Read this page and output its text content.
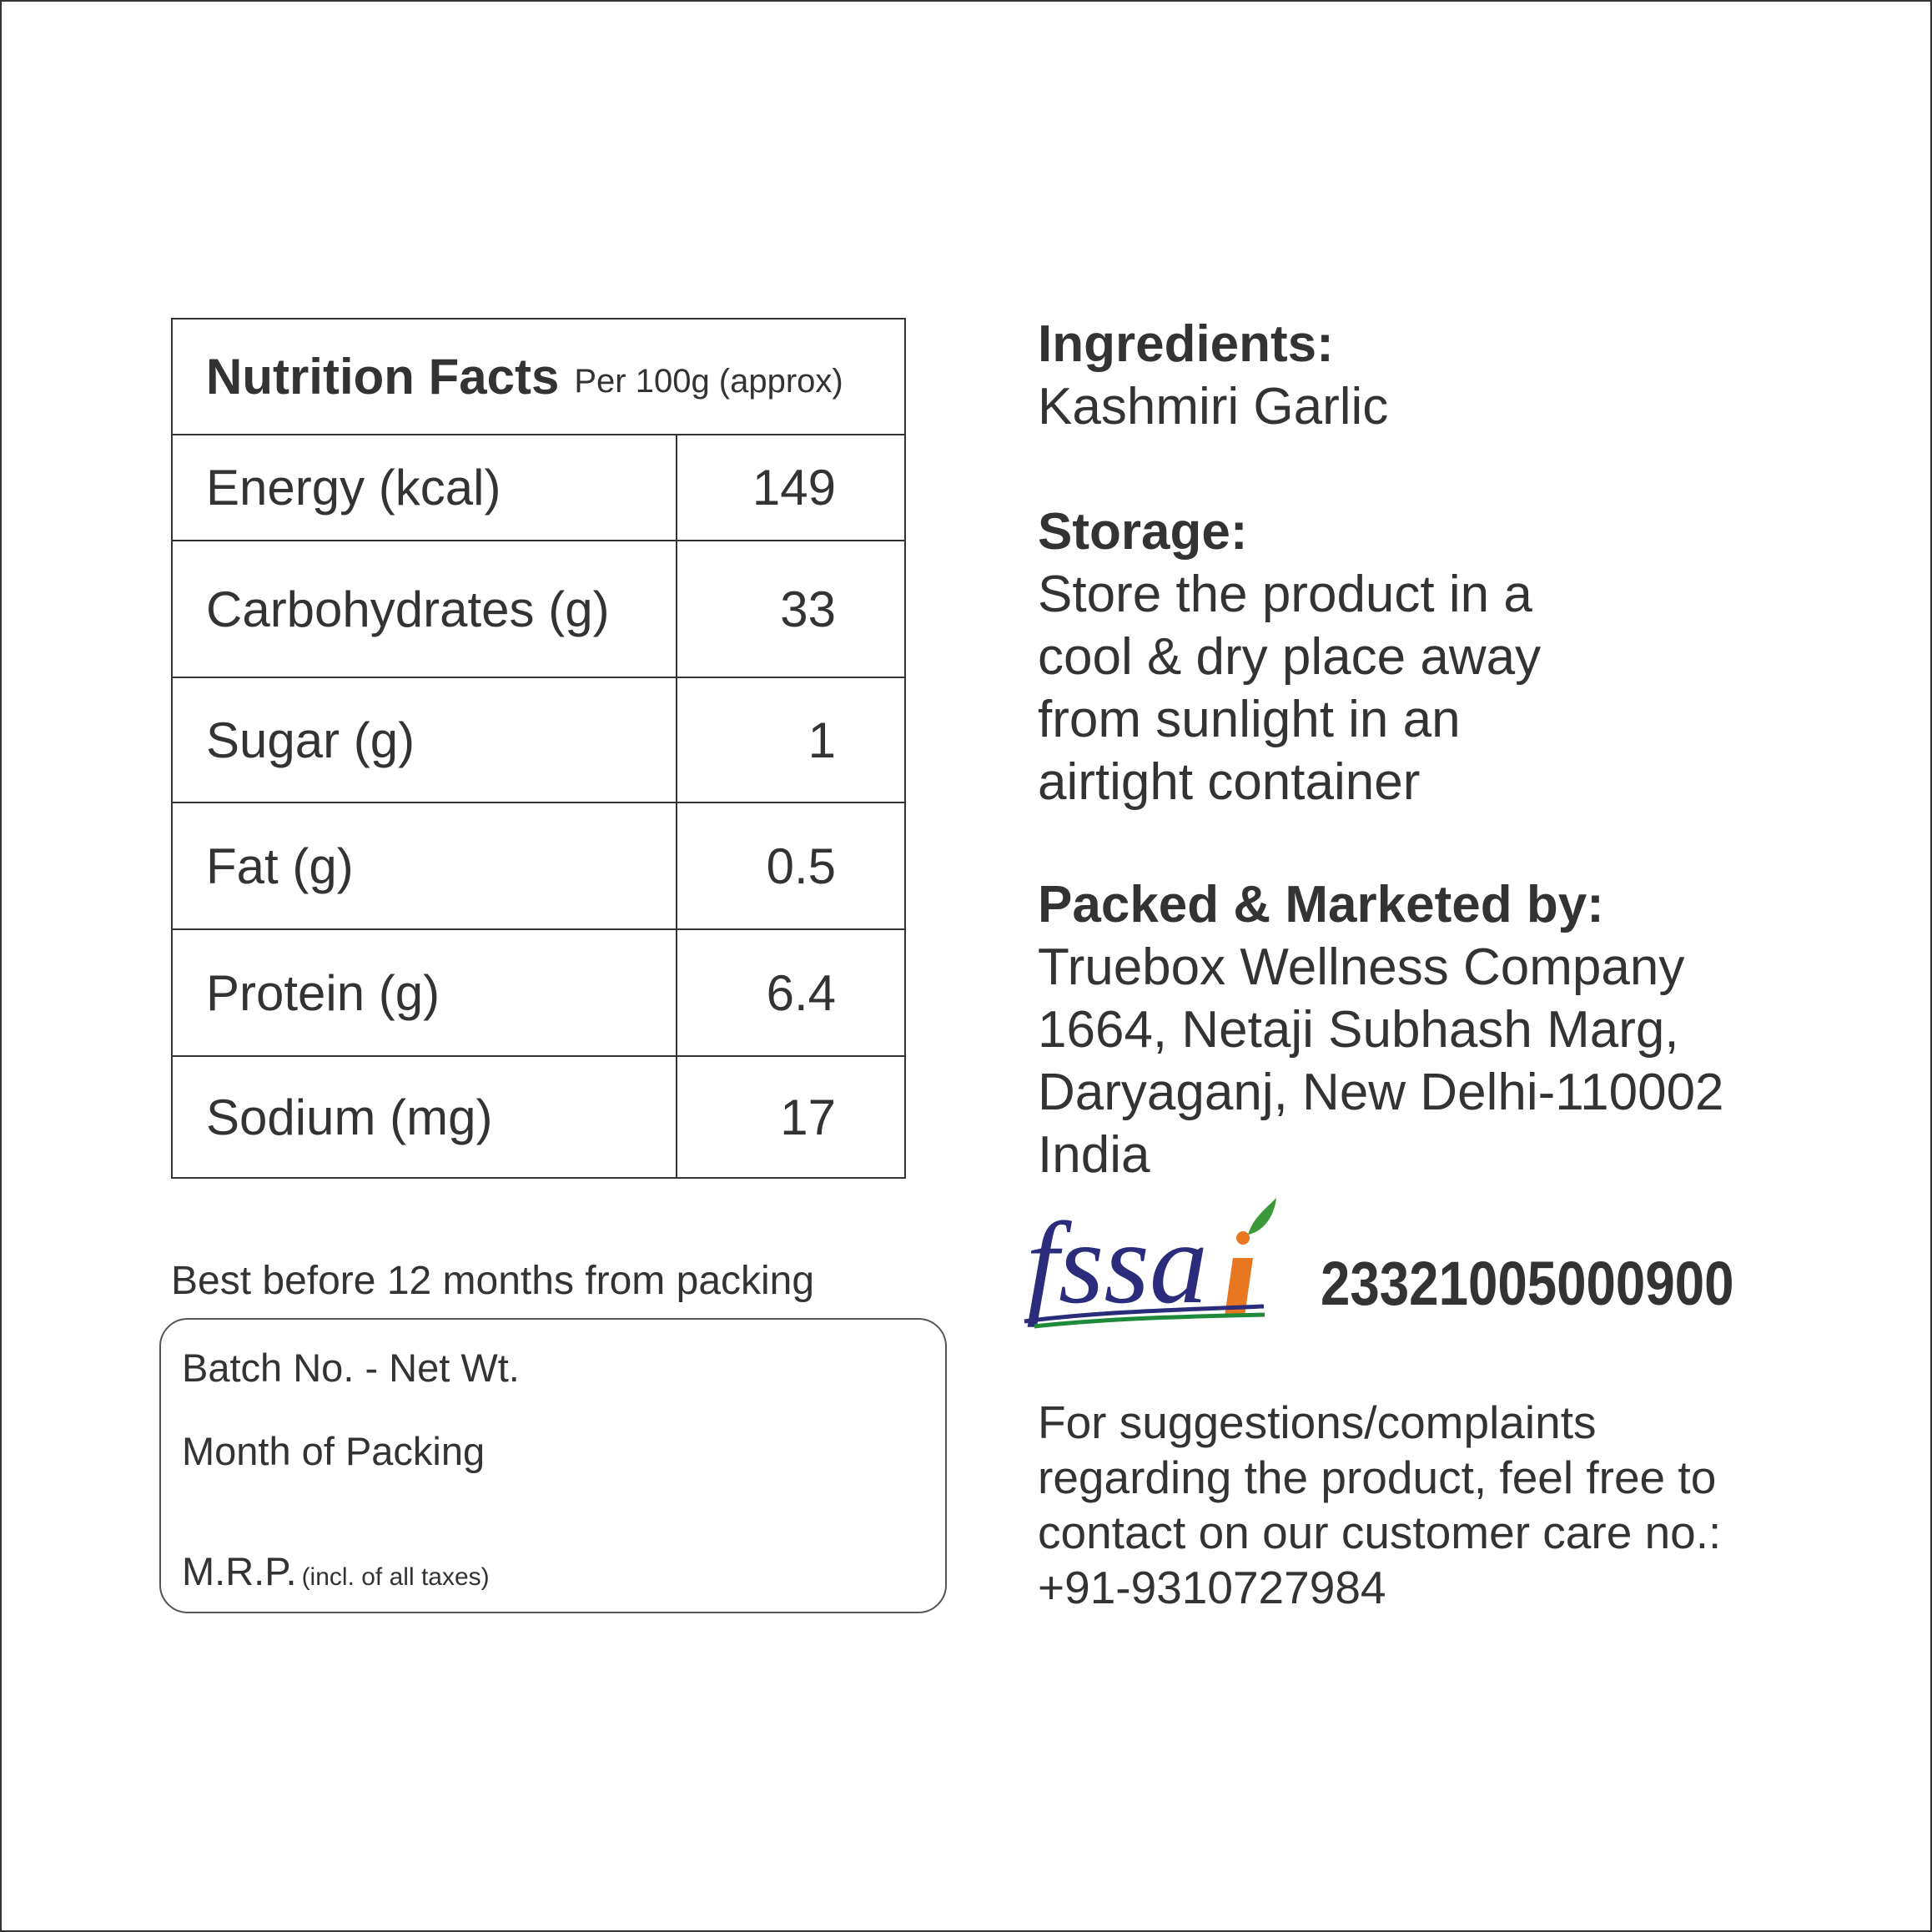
Nutrition Facts Per 100g (approx)
Energy (kcal)	149
Carbohydrates (g)	33
Sugar (g)	1
Fat (g)	0.5
Protein (g)	6.4
Sodium (mg)	17
Best before 12 months from packing
Batch No. - Net Wt.
Month of Packing
M.R.P. (incl. of all taxes)
Ingredients:
Kashmiri Garlic
Storage:
Store the product in a
cool & dry place away
from sunlight in an
airtight container
Packed & Marketed by:
Truebox Wellness Company
1664, Netaji Subhash Marg,
Daryaganj, New Delhi-110002
India
fssa 23321005000900
For suggestions/complaints
regarding the product, feel free to
contact on our customer care no.:
+91-9310727984
